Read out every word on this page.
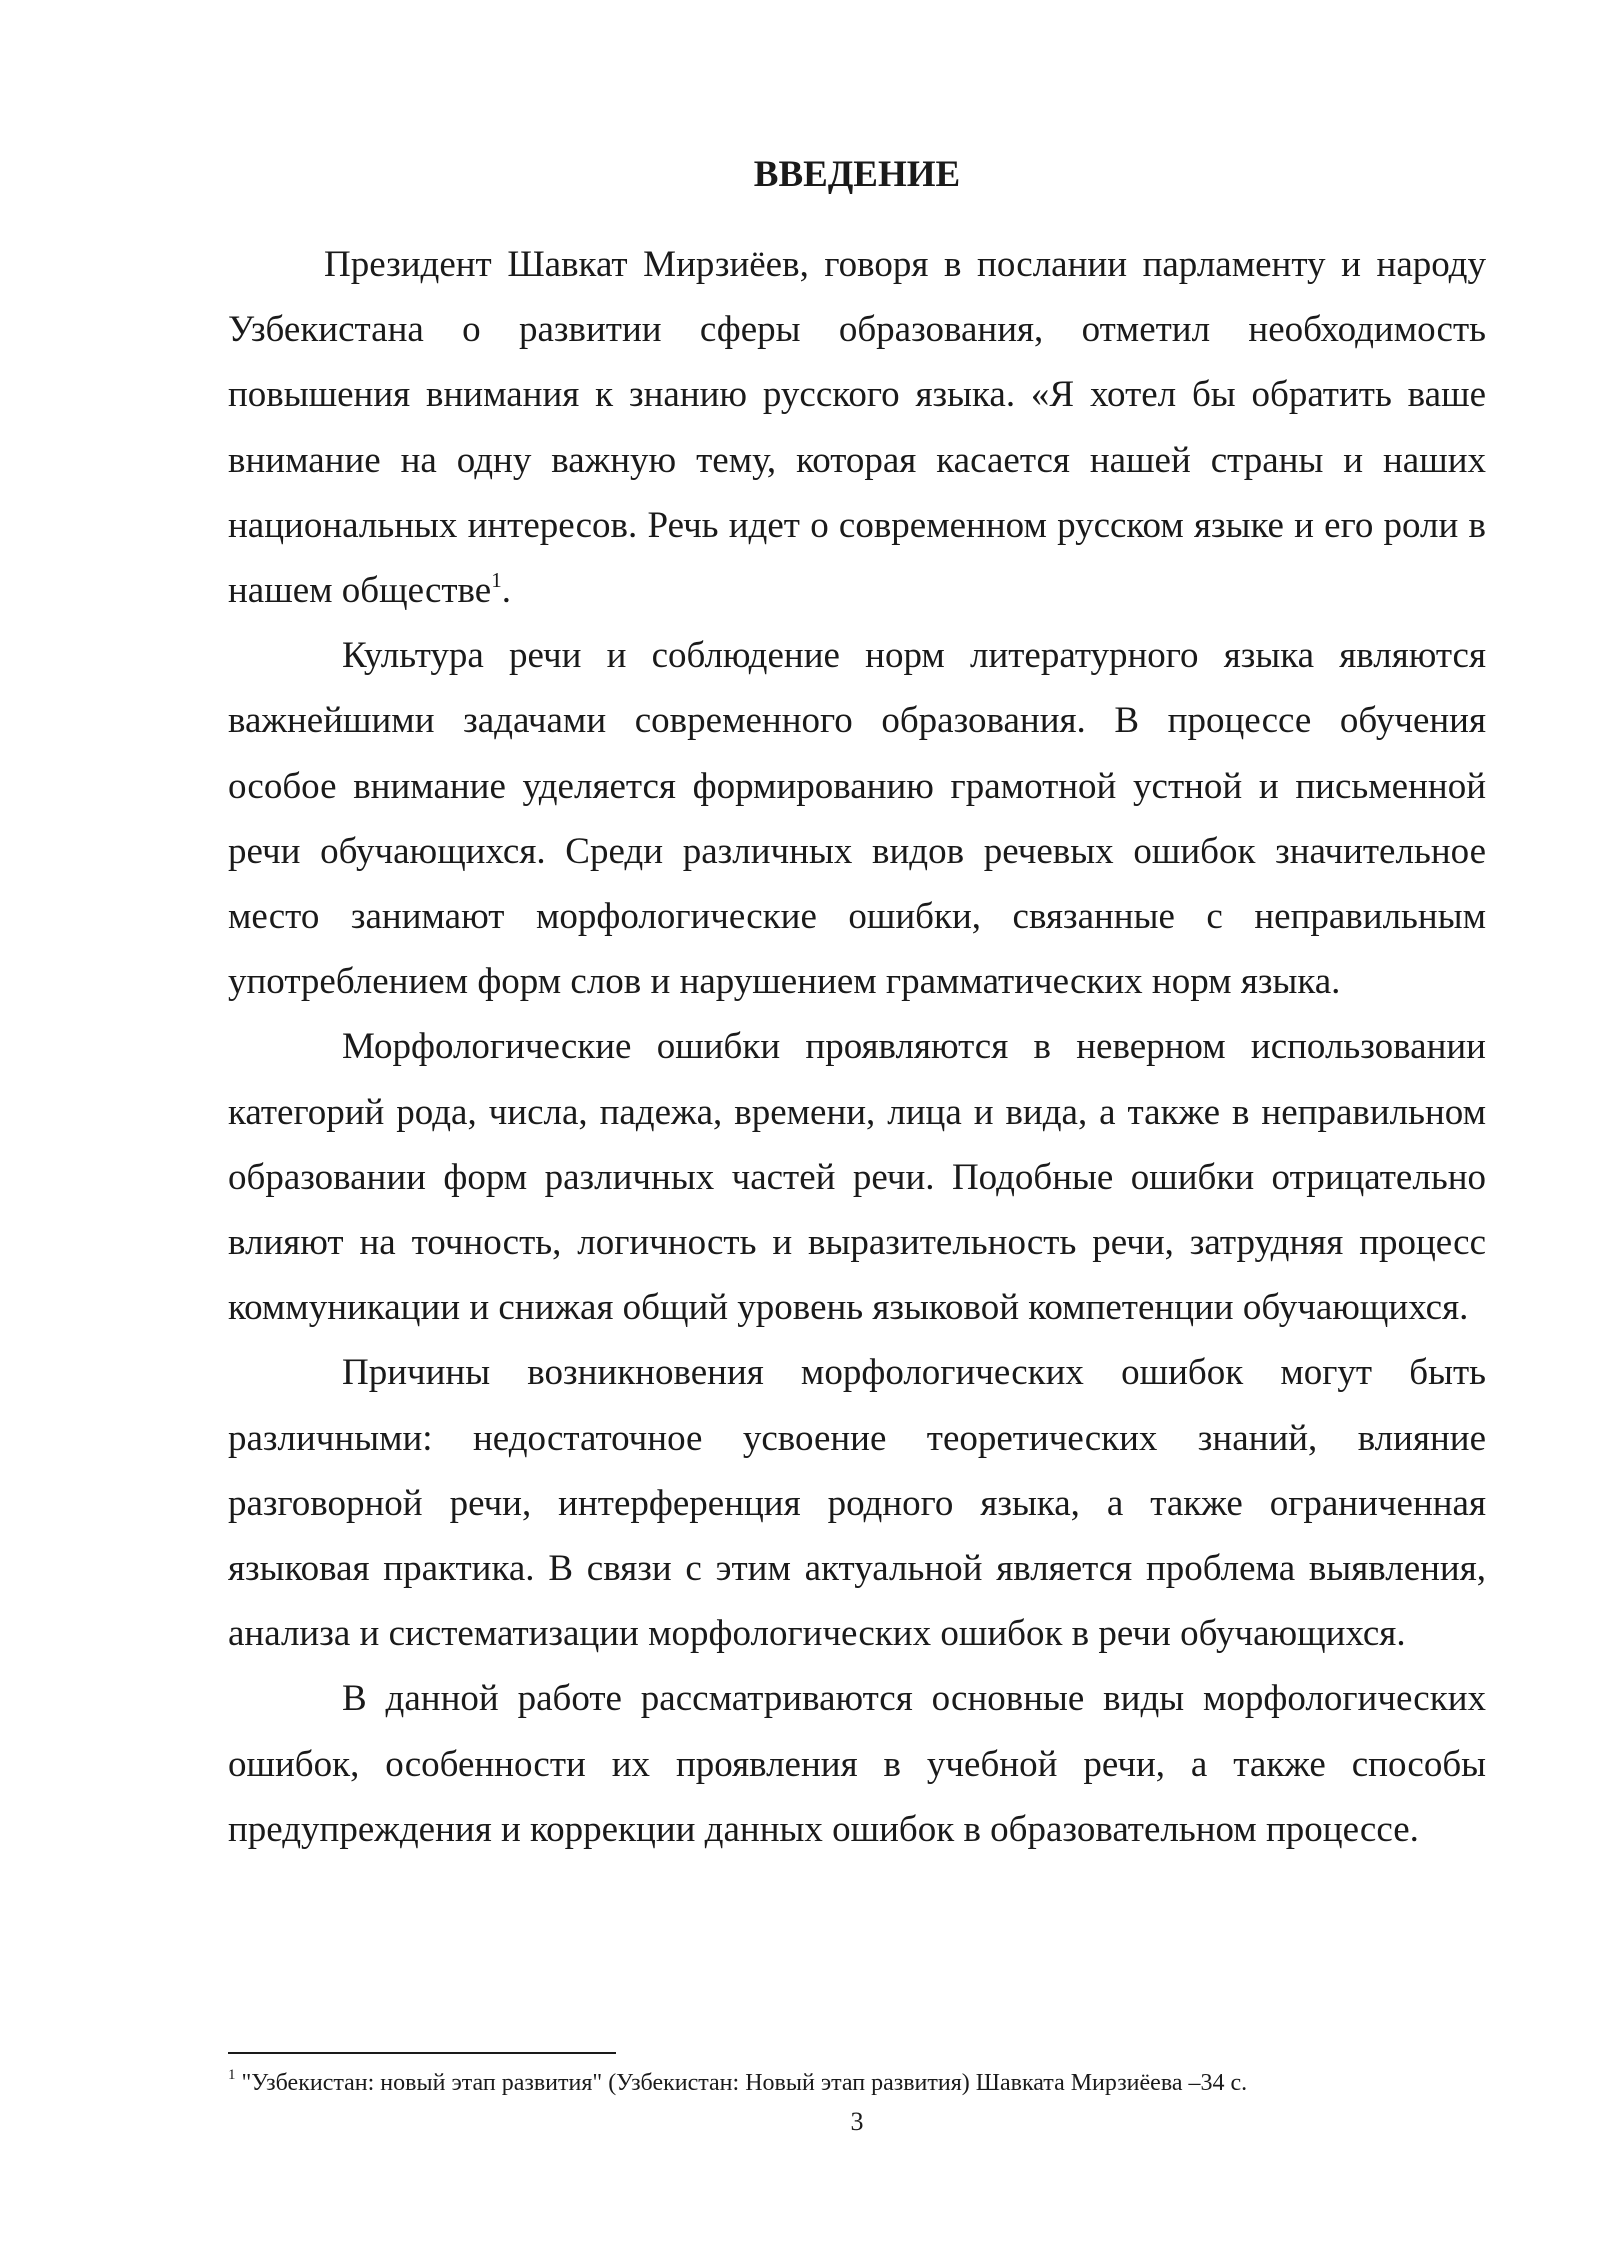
ВВЕДЕНИЕ

Президент Шавкат Мирзиёев, говоря в послании парламенту и народу Узбекистана о развитии сферы образования, отметил необходимость повышения внимания к знанию русского языка. «Я хотел бы обратить ваше внимание на одну важную тему, которая касается нашей страны и наших национальных интересов. Речь идет о современном русском языке и его роли в нашем обществе$^1$.

Культура речи и соблюдение норм литературного языка являются важнейшими задачами современного образования. В процессе обучения особое внимание уделяется формированию грамотной устной и письменной речи обучающихся. Среди различных видов речевых ошибок значительное место занимают морфологические ошибки, связанные с неправильным употреблением форм слов и нарушением грамматических норм языка.

Морфологические ошибки проявляются в неверном использовании категорий рода, числа, падежа, времени, лица и вида, а также в неправильном образовании форм различных частей речи. Подобные ошибки отрицательно влияют на точность, логичность и выразительность речи, затрудняя процесс коммуникации и снижая общий уровень языковой компетенции обучающихся.

Причины возникновения морфологических ошибок могут быть различными: недостаточное усвоение теоретических знаний, влияние разговорной речи, интерференция родного языка, а также ограниченная языковая практика. В связи с этим актуальной является проблема выявления, анализа и систематизации морфологических ошибок в речи обучающихся.

В данной работе рассматриваются основные виды морфологических ошибок, особенности их проявления в учебной речи, а также способы предупреждения и коррекции данных ошибок в образовательном процессе.

$^1$ "Узбекистан: новый этап развития" (Узбекистан: Новый этап развития) Шавката Мирзиёева –34 с.

3
